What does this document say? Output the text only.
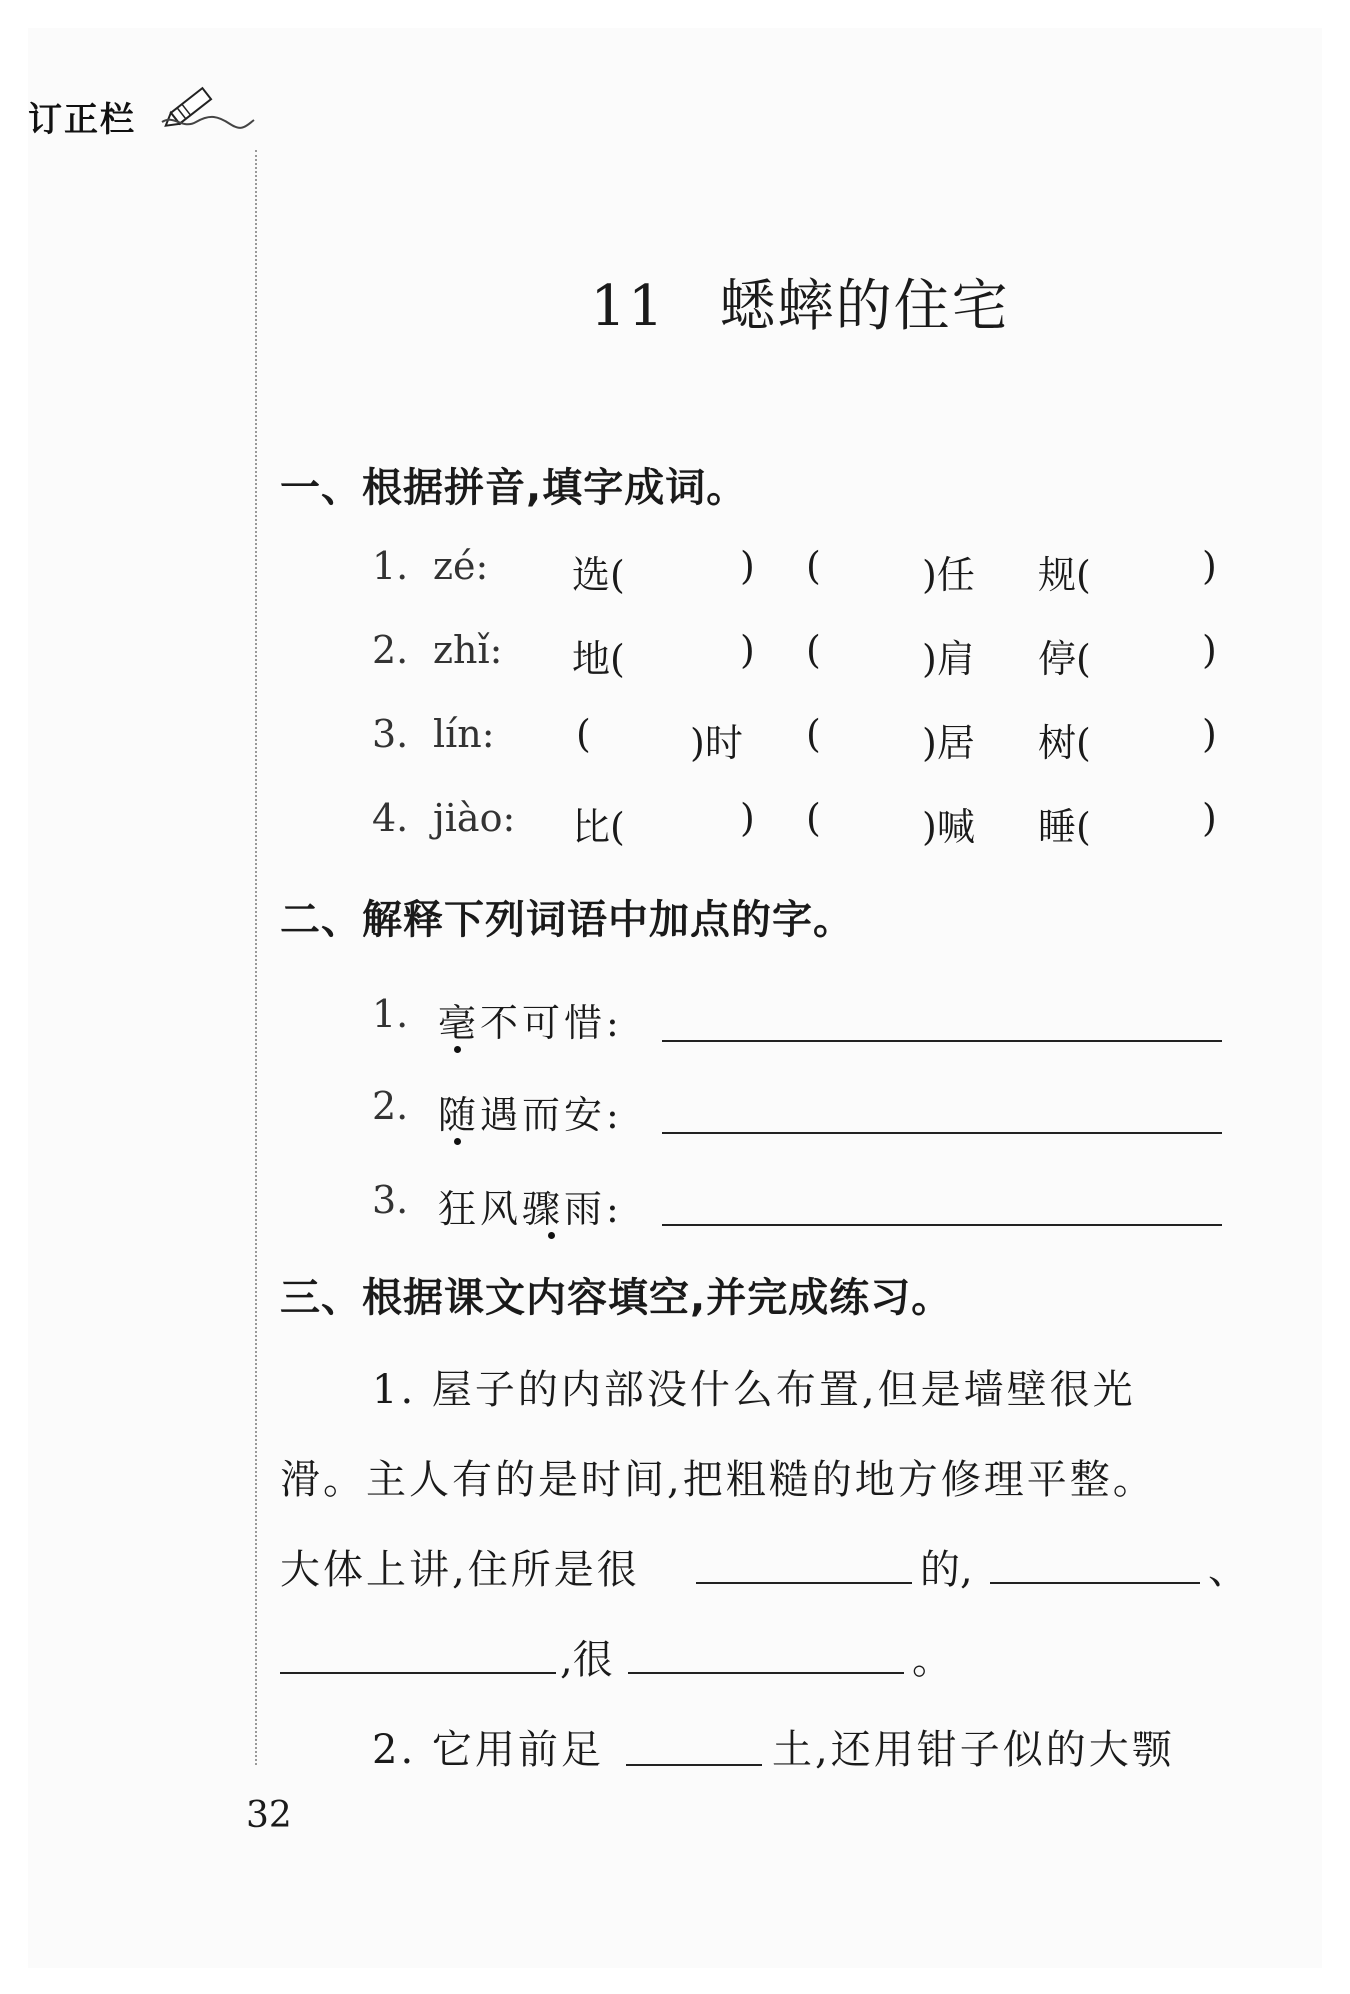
订正栏
11 蟋蟀的住宅
一、根据拼音,填字成词。
1. zé: 选(	) (	)任 规(	)
2. zhǐ: 地(	) (	)肩 停(	)
3. lín: (	)时 (	)居 树(	)
4. jiào: 比(	) (	)喊 睡(	)
二、解释下列词语中加点的字。
1. 毫不可惜:
2. 随遇而安:
3. 狂风骤雨:
三、根据课文内容填空,并完成练习。
1. 屋子的内部没什么布置,但是墙壁很光
滑。主人有的是时间,把粗糙的地方修理平整。
大体上讲,住所是很	的,	、
,很	。
2. 它用前足	土,还用钳子似的大颚
32
